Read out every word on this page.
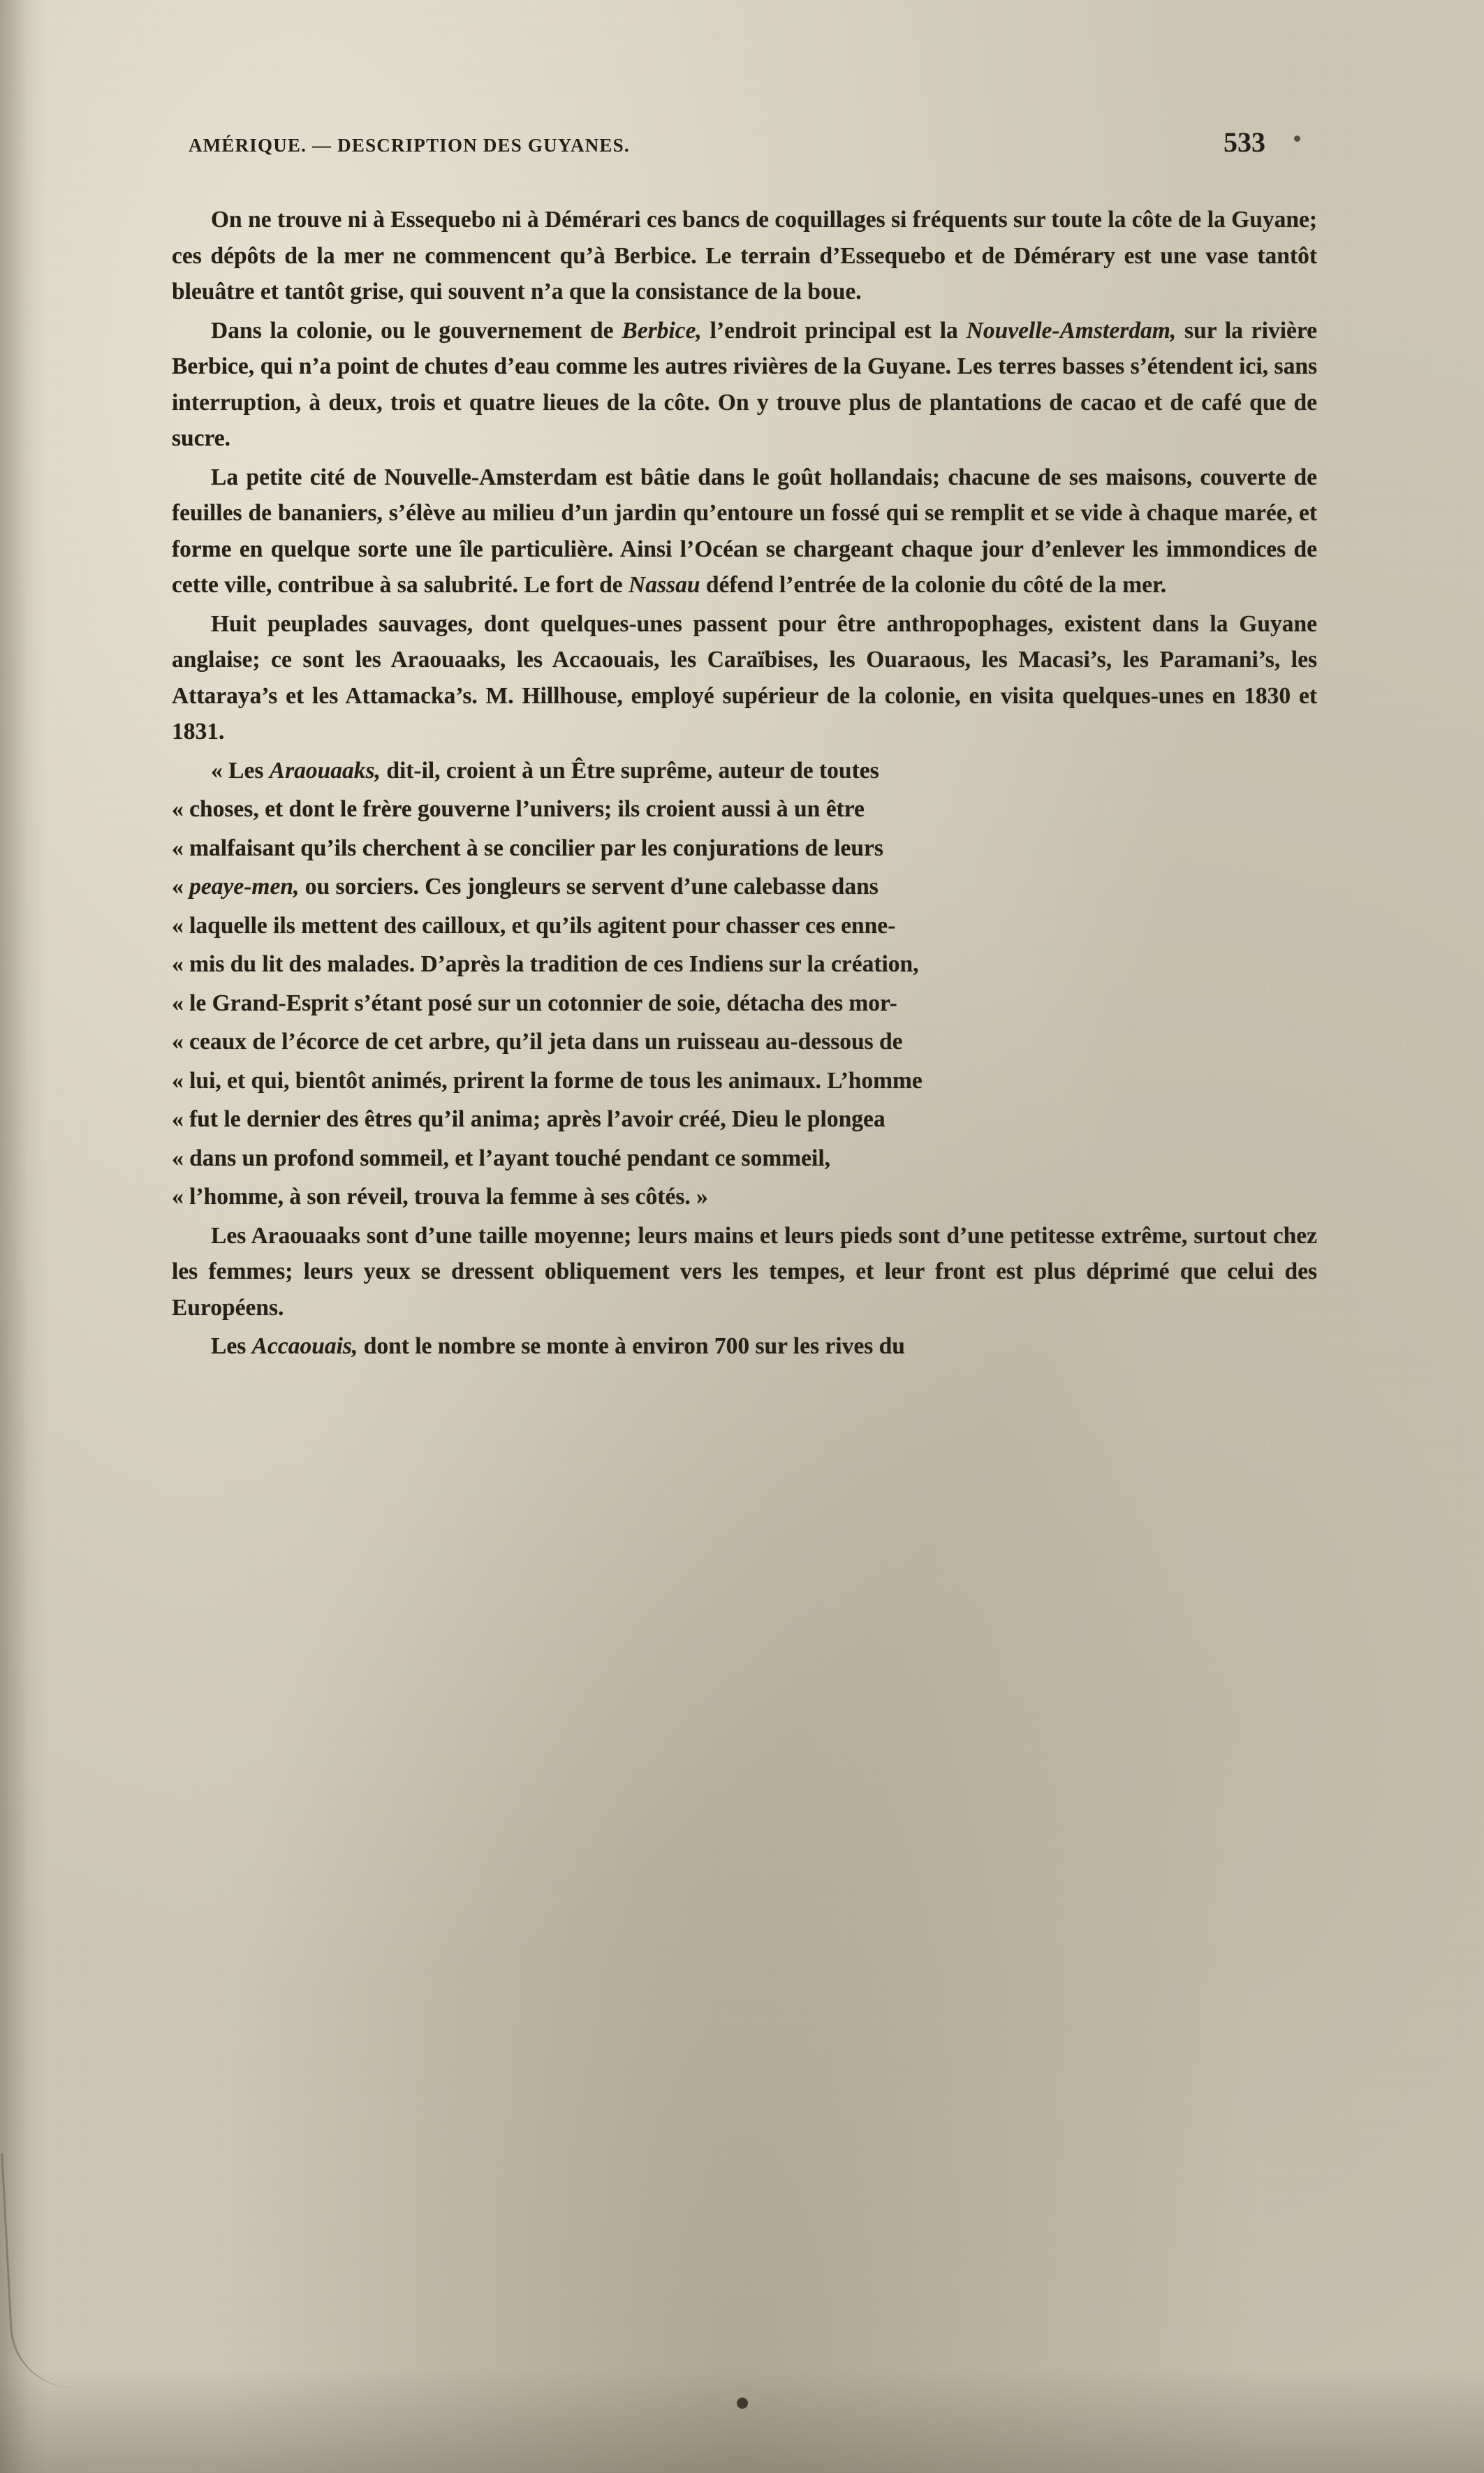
AMÉRIQUE. — DESCRIPTION DES GUYANES.	533

On ne trouve ni à Essequebo ni à Démérari ces bancs de coquillages si fréquents sur toute la côte de la Guyane; ces dépôts de la mer ne commencent qu’à Berbice. Le terrain d’Essequebo et de Démérary est une vase tantôt bleuâtre et tantôt grise, qui souvent n’a que la consistance de la boue.

Dans la colonie, ou le gouvernement de Berbice, l’endroit principal est la Nouvelle-Amsterdam, sur la rivière Berbice, qui n’a point de chutes d’eau comme les autres rivières de la Guyane. Les terres basses s’étendent ici, sans interruption, à deux, trois et quatre lieues de la côte. On y trouve plus de plantations de cacao et de café que de sucre.

La petite cité de Nouvelle-Amsterdam est bâtie dans le goût hollandais; chacune de ses maisons, couverte de feuilles de bananiers, s’élève au milieu d’un jardin qu’entoure un fossé qui se remplit et se vide à chaque marée, et forme en quelque sorte une île particulière. Ainsi l’Océan se chargeant chaque jour d’enlever les immondices de cette ville, contribue à sa salubrité. Le fort de Nassau défend l’entrée de la colonie du côté de la mer.

Huit peuplades sauvages, dont quelques-unes passent pour être anthropophages, existent dans la Guyane anglaise; ce sont les Araouaaks, les Accaouais, les Caraïbises, les Ouaraous, les Macasi’s, les Paramani’s, les Attaraya’s et les Attamacka’s. M. Hillhouse, employé supérieur de la colonie, en visita quelques-unes en 1830 et 1831.

« Les Araouaaks, dit-il, croient à un Être suprême, auteur de toutes

« choses, et dont le frère gouverne l’univers; ils croient aussi à un être

« malfaisant qu’ils cherchent à se concilier par les conjurations de leurs

« peaye-men, ou sorciers. Ces jongleurs se servent d’une calebasse dans

« laquelle ils mettent des cailloux, et qu’ils agitent pour chasser ces enne-

« mis du lit des malades. D’après la tradition de ces Indiens sur la création,

« le Grand-Esprit s’étant posé sur un cotonnier de soie, détacha des mor-

« ceaux de l’écorce de cet arbre, qu’il jeta dans un ruisseau au-dessous de

« lui, et qui, bientôt animés, prirent la forme de tous les animaux. L’homme

« fut le dernier des êtres qu’il anima; après l’avoir créé, Dieu le plongea

« dans un profond sommeil, et l’ayant touché pendant ce sommeil,

« l’homme, à son réveil, trouva la femme à ses côtés. »

Les Araouaaks sont d’une taille moyenne; leurs mains et leurs pieds sont d’une petitesse extrême, surtout chez les femmes; leurs yeux se dressent obliquement vers les tempes, et leur front est plus déprimé que celui des Européens.

Les Accaouais, dont le nombre se monte à environ 700 sur les rives du
